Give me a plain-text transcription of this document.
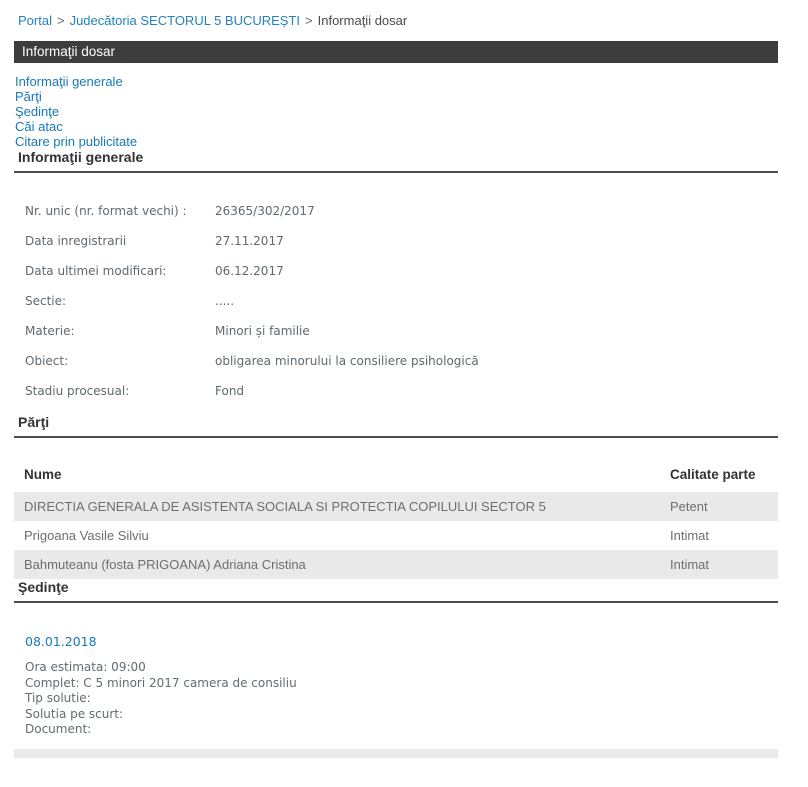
Portal > Judecătoria SECTORUL 5 BUCUREȘTI > Informaţii dosar
Informaţii dosar
Informaţii generale
Părţi
Şedinţe
Căi atac
Citare prin publicitate
Informaţii generale
Nr. unic (nr. format vechi) :	26365/302/2017
Data inregistrarii	27.11.2017
Data ultimei modificari:	06.12.2017
Sectie:	.....
Materie:	Minori și familie
Obiect:	obligarea minorului la consiliere psihologică
Stadiu procesual:	Fond
Părţi
Nume	Calitate parte
DIRECTIA GENERALA DE ASISTENTA SOCIALA SI PROTECTIA COPILULUI SECTOR 5	Petent
Prigoana Vasile Silviu	Intimat
Bahmuteanu (fosta PRIGOANA) Adriana Cristina	Intimat
Şedinţe
08.01.2018
Ora estimata: 09:00
Complet: C 5 minori 2017 camera de consiliu
Tip solutie:
Solutia pe scurt:
Document:
